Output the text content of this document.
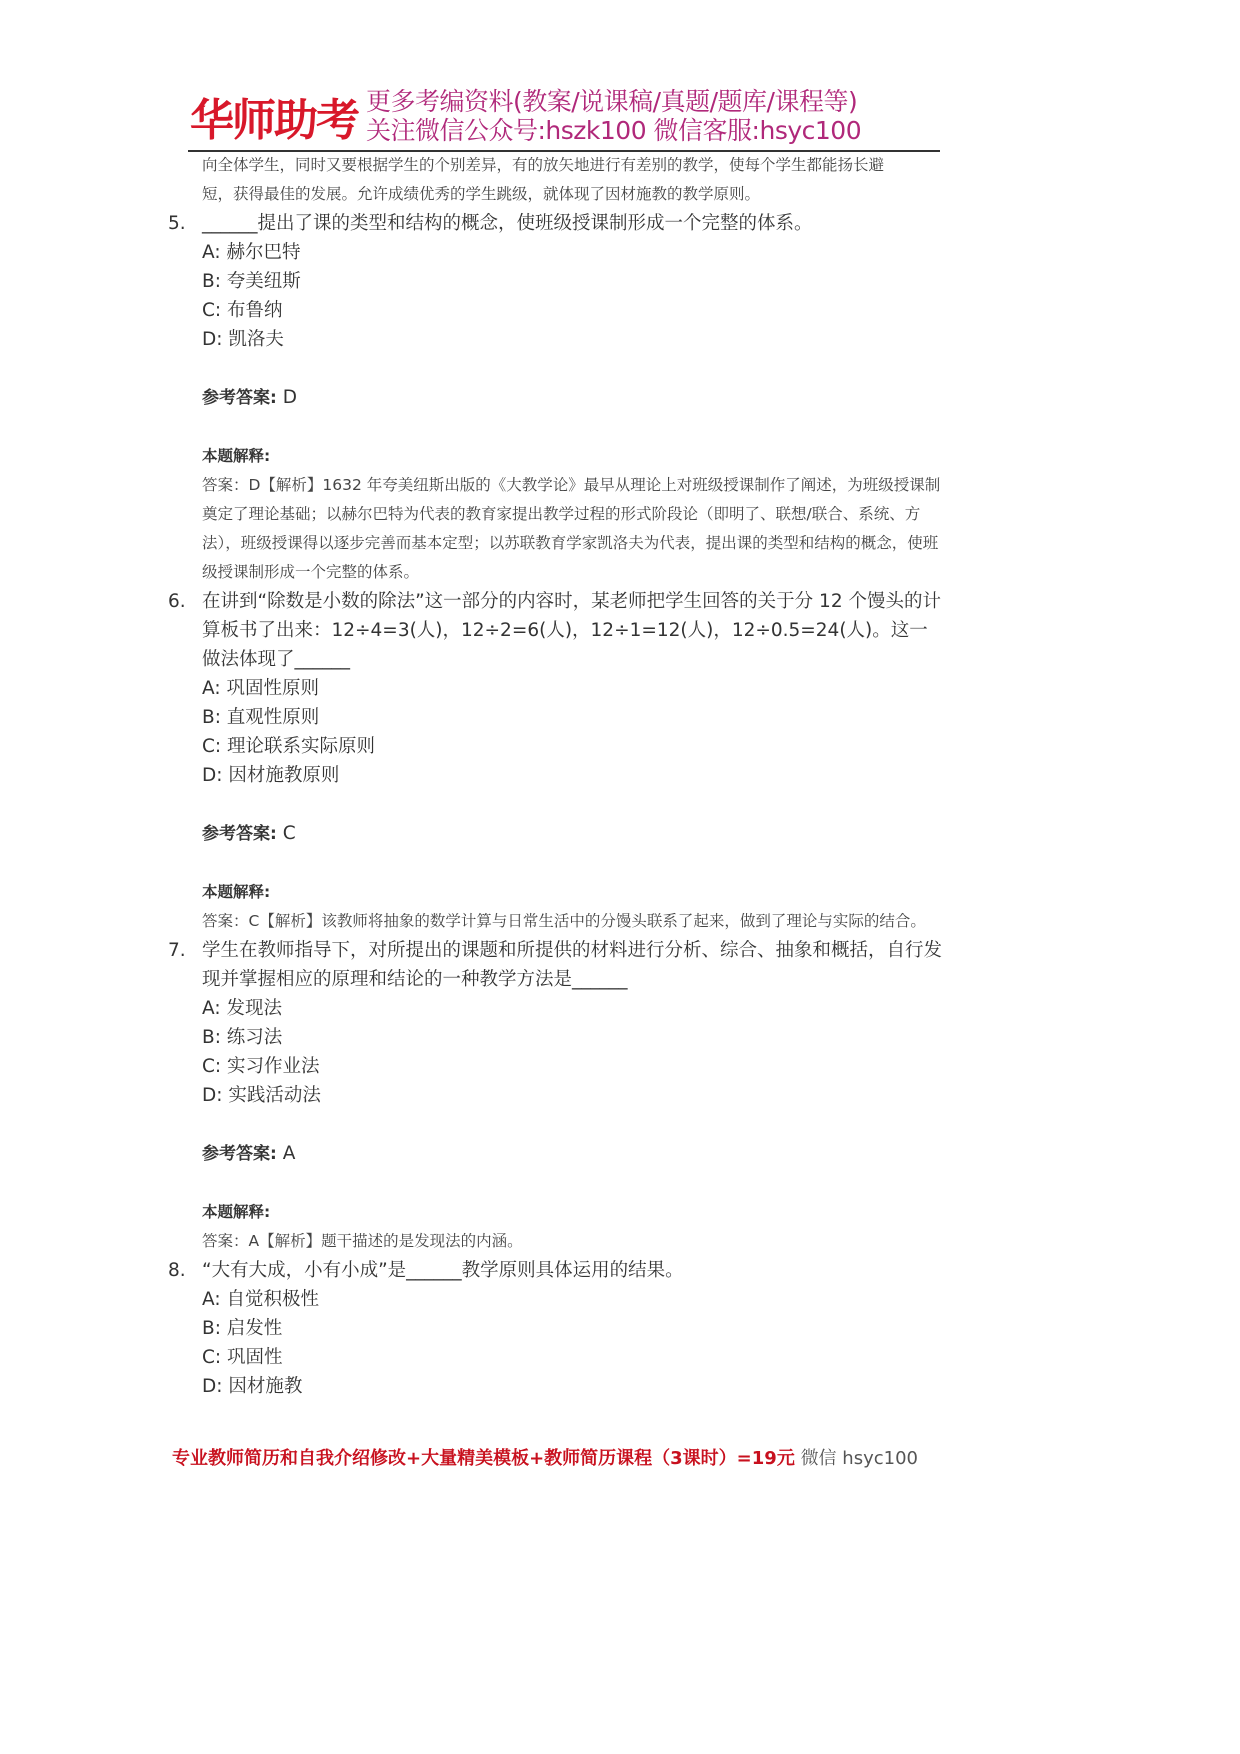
华师助考 更多考编资料(教案/说课稿/真题/题库/课程等)
关注微信公众号:hszk100 微信客服:hsyc100
向全体学生，同时又要根据学生的个别差异，有的放矢地进行有差别的教学，使每个学生都能扬长避
短，获得最佳的发展。允许成绩优秀的学生跳级，就体现了因材施教的教学原则。
5. ______提出了课的类型和结构的概念，使班级授课制形成一个完整的体系。
A: 赫尔巴特
B: 夸美纽斯
C: 布鲁纳
D: 凯洛夫
参考答案: D
本题解释:
答案：D【解析】1632 年夸美纽斯出版的《大教学论》最早从理论上对班级授课制作了阐述，为班级授课制奠定了理论基础；以赫尔巴特为代表的教育家提出教学过程的形式阶段论（即明了、联想/联合、系统、方法），班级授课得以逐步完善而基本定型；以苏联教育学家凯洛夫为代表，提出课的类型和结构的概念，使班级授课制形成一个完整的体系。
6. 在讲到“除数是小数的除法”这一部分的内容时，某老师把学生回答的关于分 12 个馒头的计算板书了出来：12÷4=3(人)，12÷2=6(人)，12÷1=12(人)，12÷0.5=24(人)。这一做法体现了______
A: 巩固性原则
B: 直观性原则
C: 理论联系实际原则
D: 因材施教原则
参考答案: C
本题解释:
答案：C【解析】该教师将抽象的数学计算与日常生活中的分馒头联系了起来，做到了理论与实际的结合。
7. 学生在教师指导下，对所提出的课题和所提供的材料进行分析、综合、抽象和概括，自行发现并掌握相应的原理和结论的一种教学方法是______
A: 发现法
B: 练习法
C: 实习作业法
D: 实践活动法
参考答案: A
本题解释:
答案：A【解析】题干描述的是发现法的内涵。
8. “大有大成，小有小成”是______教学原则具体运用的结果。
A: 自觉积极性
B: 启发性
C: 巩固性
D: 因材施教
专业教师简历和自我介绍修改+大量精美模板+教师简历课程（3课时）=19元 微信 hsyc100
